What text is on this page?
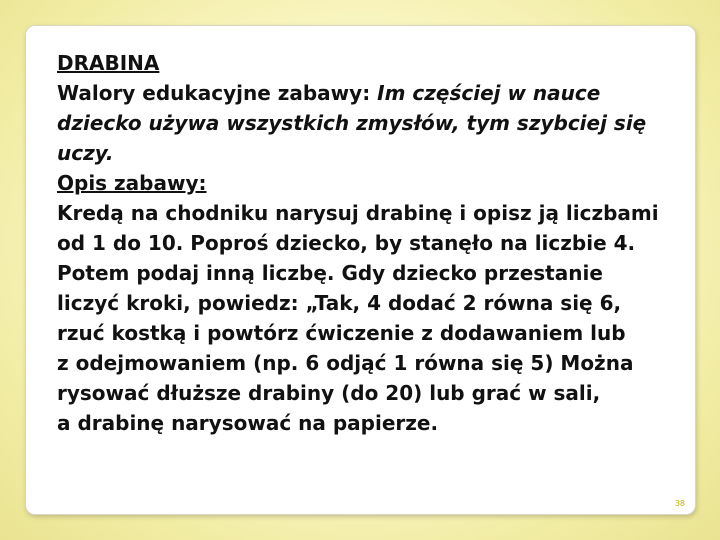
DRABINA
Walory edukacyjne zabawy: Im częściej w nauce
dziecko używa wszystkich zmysłów, tym szybciej się
uczy.
Opis zabawy:
Kredą na chodniku narysuj drabinę i opisz ją liczbami
od 1 do 10. Poproś dziecko, by stanęło na liczbie 4.
Potem podaj inną liczbę. Gdy dziecko przestanie
liczyć kroki, powiedz: „Tak, 4 dodać 2 równa się 6,
rzuć kostką i powtórz ćwiczenie z dodawaniem lub
z odejmowaniem (np. 6 odjąć 1 równa się 5) Można
rysować dłuższe drabiny (do 20) lub grać w sali,
a drabinę narysować na papierze.
38
